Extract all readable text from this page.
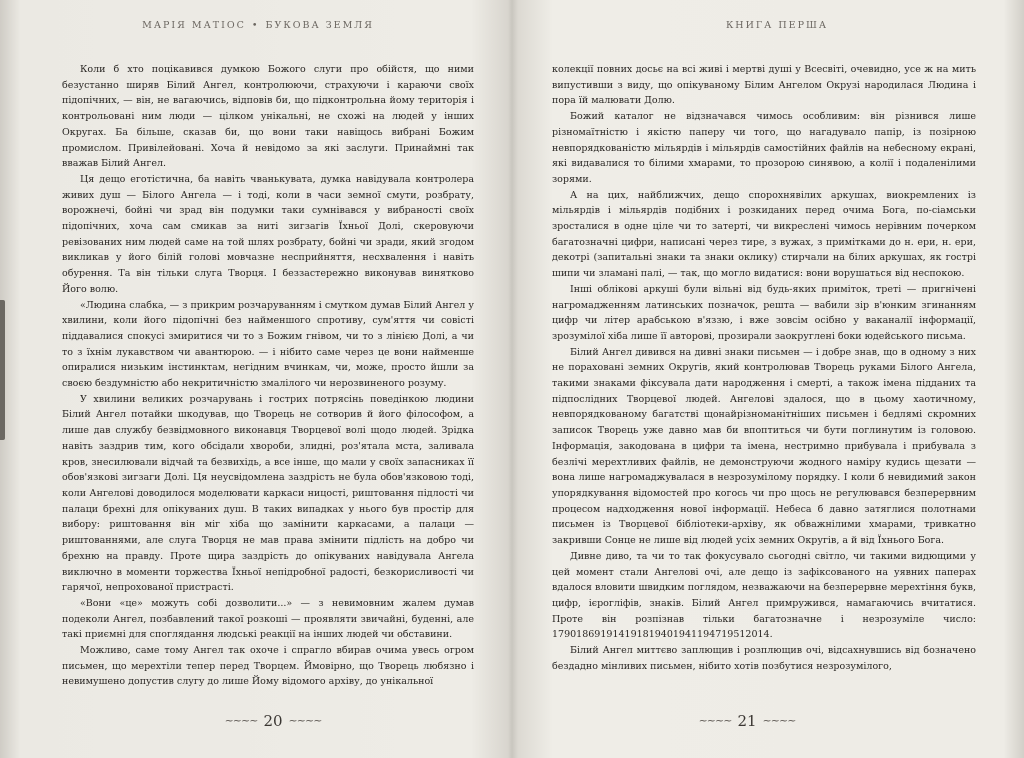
МАРІЯ МАТІОС • БУКОВА ЗЕМЛЯ

Коли б хто поцікавився думкою Божого слуги про обійстя, що ними безустанно ширяв Білий Ангел, контролюючи, страхуючи і караючи своїх підопічних, — він, не вагаючись, відповів би, що підконтрольна йому територія і контрольовані ним люди — цілком унікальні, не схожі на людей у інших Округах. Ба більше, сказав би, що вони таки навіщось вибрані Божим промислом. Привілейовані. Хоча й невідомо за які заслуги. Принаймні так вважав Білий Ангел.

Ця дещо еготістична, ба навіть чванькувата, думка навідувала контролера живих душ — Білого Ангела — і тоді, коли в часи земної смути, розбрату, ворожнечі, бойні чи зрад він подумки таки сумнівався у вибраності своїх підопічних, хоча сам смикав за ниті зигзагів Їхньої Долі, скеровуючи ревізованих ним людей саме на той шлях розбрату, бойні чи зради, який згодом викликав у його білій голові мовчазне несприйняття, несхвалення і навіть обурення. Та він тільки слуга Творця. І беззастережно виконував винятково Його волю.

«Людина слабка, — з прикрим розчаруванням і смутком думав Білий Ангел у хвилини, коли його підопічні без найменшого спротиву, сум'яття чи совісті піддавалися спокусі змиритися чи то з Божим гнівом, чи то з лінією Долі, а чи то з їхнім лукавством чи авантюрою. — і нібито саме через це вони найменше опиралися низьким інстинктам, негідним вчинкам, чи, може, просто йшли за своєю бездумністю або некритичністю змалілого чи нерозвиненого розуму.

У хвилини великих розчарувань і гострих потрясінь поведінкою людини Білий Ангел потайки шкодував, що Творець не сотворив й його філософом, а лише дав службу безвідмовного виконавця Творцевої волі щодо людей. Зрідка навіть заздрив тим, кого обсідали хвороби, злидні, роз'ятала мста, заливала кров, знесилювали відчай та безвихідь, а все інше, що мали у своїх запасниках її обов'язкові зигзаги Долі. Ця неусвідомлена заздрість не була обов'язковою тоді, коли Ангелові доводилося моделювати каркаси ницості, риштовання підлості чи палаци брехні для опікуваних душ. В таких випадках у нього був простір для вибору: риштовання він міг хіба що замінити каркасами, а палаци — риштованнями, але слуга Творця не мав права змінити підлість на добро чи брехню на правду. Проте щира заздрість до опікуваних навідувала Ангела виключно в моменти торжества Їхньої непідробної радості, безкорисливості чи гарячої, непрохованої пристрасті.

«Вони «це» можуть собі дозволити...» — з невимовним жалем думав подеколи Ангел, позбавлений такої розкоші — проявляти звичайні, буденні, але такі приємні для споглядання людські реакції на інших людей чи обставини.

Можливо, саме тому Ангел так охоче і спрагло вбирав очима увесь огром письмен, що мерехтіли тепер перед Творцем. Ймовірно, що Творець любязно і невимушено допустив слугу до лише Йому відомого архіву, до унікальної

~~~~ 20 ~~~~
КНИГА ПЕРША

колекції повних досьє на всі живі і мертві душі у Всесвіті, очевидно, усе ж на мить випустивши з виду, що опікуваному Білим Ангелом Окрузі народилася Людина і пора їй малювати Долю.

Божий каталог не відзначався чимось особливим: він різнився лише різномаїтністю і якістю паперу чи того, що нагадувало папір, із позірною невпорядкованістю мільярдів і мільярдів самостійних файлів на небесному екрані, які видавалися то білими хмарами, то прозорою синявою, а колії і подаленілими зорями.

А на цих, найближчих, дещо спорохнявілих аркушах, виокремлених із мільярдів і мільярдів подібних і розкиданих перед очима Бога, по-сіамськи зросталися в одне ціле чи то затерті, чи викреслені чимось нерівним почерком багатозначні цифри, написані через тире, з вужах, з примітками до н. ери, н. ери, декотрі (запитальні знаки та знаки оклику) стирчали на білих аркушах, як гострі шипи чи зламані палі, — так, що могло видатися: вони ворушаться від неспокою.

Інші облікові аркуші були вільні від будь-яких приміток, треті — пригнічені нагромадженням латинських позначок, решта — вабили зір в'юнким згинанням цифр чи літер арабською в'яззю, і вже зовсім осібно у ваканалії інформації, зрозумілої хіба лише її авторові, прозирали заокруглені боки юдейського письма.

Білий Ангел дивився на дивні знаки письмен — і добре знав, що в одному з них не пораховані земних Округів, який контролював Творець руками Білого Ангела, такими знаками фіксувала дати народження і смерті, а також імена підданих та підпослідних Творцевої людей. Ангелові здалося, що в цьому хаотичному, невпорядкованому багатстві щонайрізноманітніших письмен і бедлямі скромних записок Творець уже давно мав би впоптиться чи бути поглинутим із головою. Інформація, закодована в цифри та імена, нестримно прибувала і прибувала з безлічі мерехтливих файлів, не демонструючи жодного наміру кудись щезати — вона лише нагромаджувалася в незрозумілому порядку. І коли б невидимий закон упорядкування відомостей про когось чи про щось не регулювався безперервним процесом надходження нової інформації. Небеса б давно затяглися полотнами письмен із Творцевої бібліотеки-архіву, як обважнілими хмарами, тривкатно закривши Сонце не лише від людей усіх земних Округів, а й від Їхнього Бога.

Дивне диво, та чи то так фокусувало сьогодні світло, чи такими видющими у цей момент стали Ангелові очі, але дещо із зафіксованого на уявних паперах вдалося вловити швидким поглядом, незважаючи на безперервне мерехтіння букв, цифр, ієрогліфів, знаків. Білий Ангел примружився, намагаючись вчитатися. Проте він розпізнав тільки багатозначне і незрозуміле число: 17901869191419181940194119471951201​4.

Білий Ангел миттєво заплющив і розплющив очі, відсахнувшись від бозначено бездадно мінливих письмен, нібито хотів позбутися незрозумілого,

~~~~ 21 ~~~~
